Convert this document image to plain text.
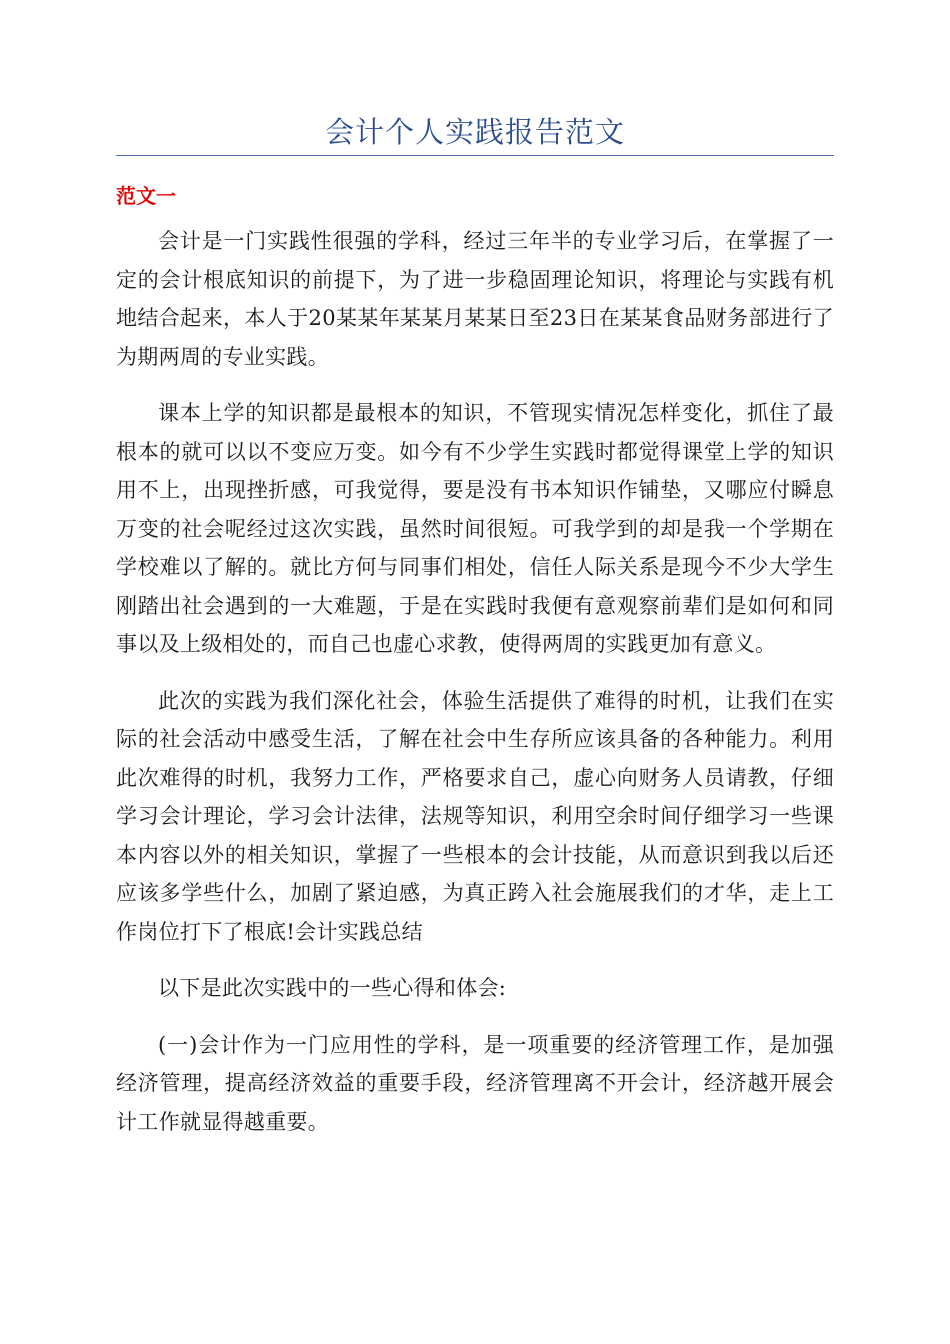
会计个人实践报告范文
范文一

会计是一门实践性很强的学科，经过三年半的专业学习后，在掌握了一定的会计根底知识的前提下，为了进一步稳固理论知识，将理论与实践有机地结合起来，本人于20某某年某某月某某日至23日在某某食品财务部进行了为期两周的专业实践。

课本上学的知识都是最根本的知识，不管现实情况怎样变化，抓住了最根本的就可以以不变应万变。如今有不少学生实践时都觉得课堂上学的知识用不上，出现挫折感，可我觉得，要是没有书本知识作铺垫，又哪应付瞬息万变的社会呢经过这次实践，虽然时间很短。可我学到的却是我一个学期在学校难以了解的。就比方何与同事们相处，信任人际关系是现今不少大学生刚踏出社会遇到的一大难题，于是在实践时我便有意观察前辈们是如何和同事以及上级相处的，而自己也虚心求教，使得两周的实践更加有意义。

此次的实践为我们深化社会，体验生活提供了难得的时机，让我们在实际的社会活动中感受生活，了解在社会中生存所应该具备的各种能力。利用此次难得的时机，我努力工作，严格要求自己，虚心向财务人员请教，仔细学习会计理论，学习会计法律，法规等知识，利用空余时间仔细学习一些课本内容以外的相关知识，掌握了一些根本的会计技能，从而意识到我以后还应该多学些什么，加剧了紧迫感，为真正跨入社会施展我们的才华，走上工作岗位打下了根底!会计实践总结

以下是此次实践中的一些心得和体会:

(一)会计作为一门应用性的学科，是一项重要的经济管理工作，是加强经济管理，提高经济效益的重要手段，经济管理离不开会计，经济越开展会计工作就显得越重要。
